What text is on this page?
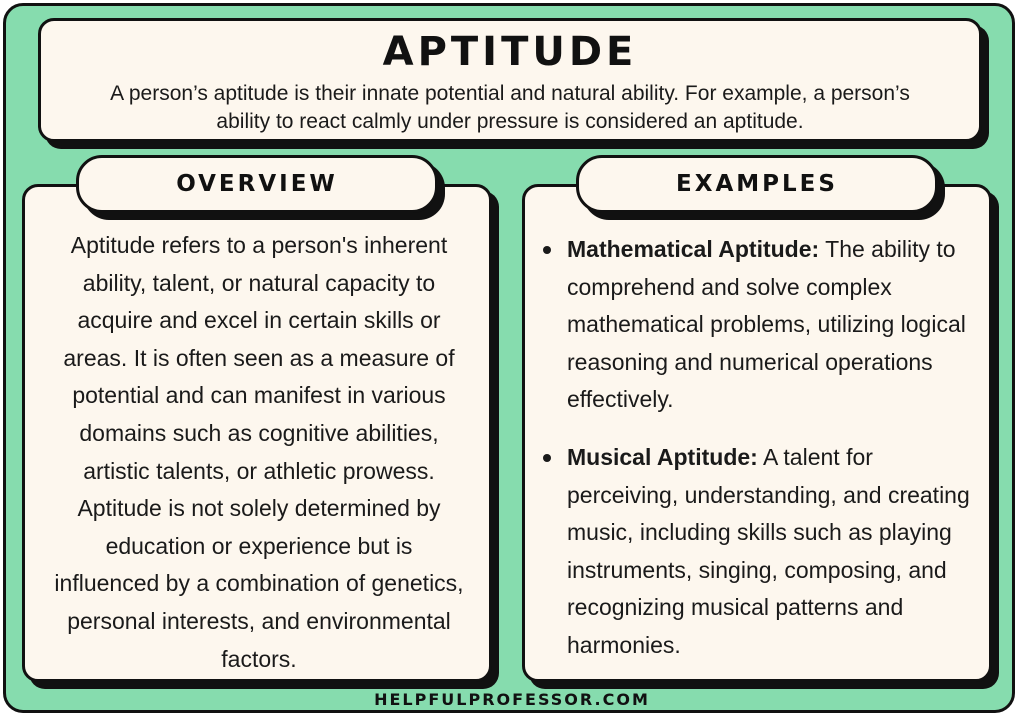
APTITUDE
A person’s aptitude is their innate potential and natural ability. For example, a person’s ability to react calmly under pressure is considered an aptitude.
Aptitude refers to a person's inherent ability, talent, or natural capacity to acquire and excel in certain skills or areas. It is often seen as a measure of potential and can manifest in various domains such as cognitive abilities, artistic talents, or athletic prowess. Aptitude is not solely determined by education or experience but is influenced by a combination of genetics, personal interests, and environmental factors.
Mathematical Aptitude: The ability to comprehend and solve complex mathematical problems, utilizing logical reasoning and numerical operations effectively.
Musical Aptitude: A talent for perceiving, understanding, and creating music, including skills such as playing instruments, singing, composing, and recognizing musical patterns and harmonies.
OVERVIEW	EXAMPLES
HELPFULPROFESSOR.COM
